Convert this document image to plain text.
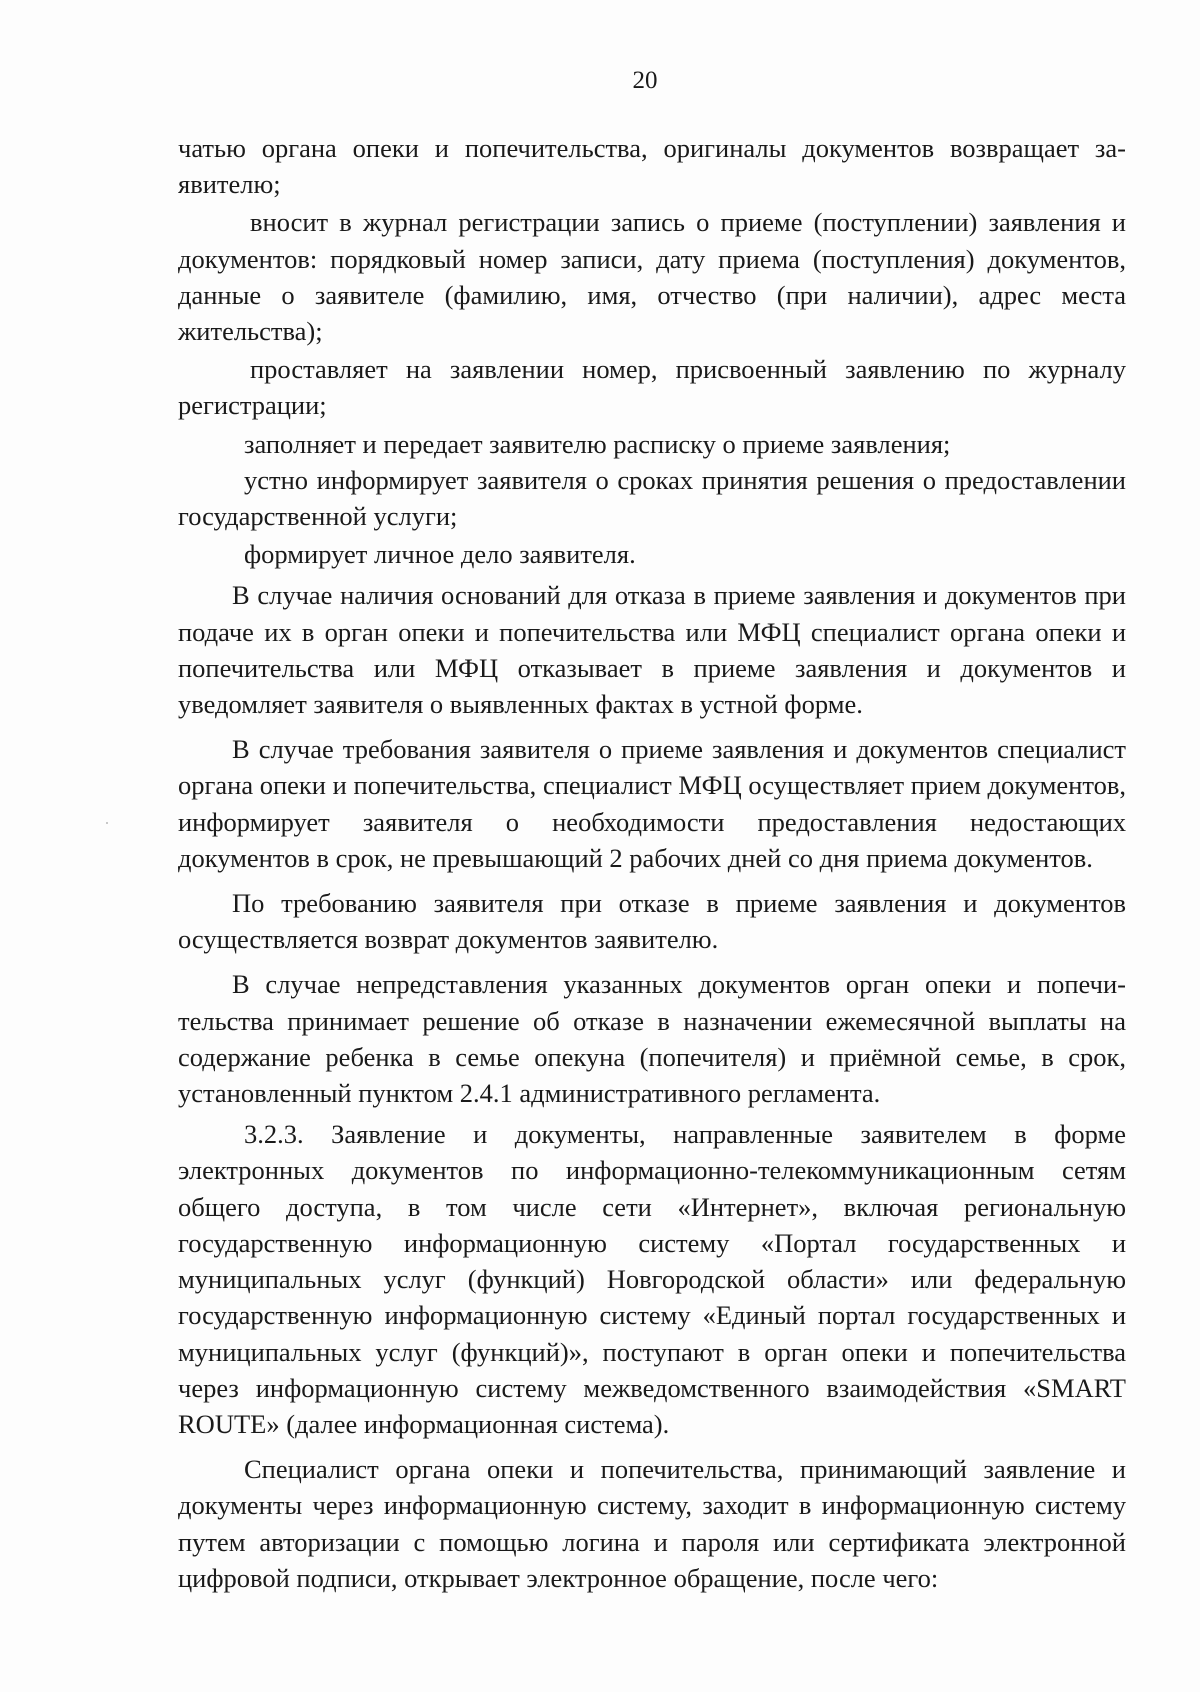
20

чатью органа опеки и попечительства, оригиналы документов возвращает заявителю;

вносит в журнал регистрации запись о приеме (поступлении) заявления и документов: порядковый номер записи, дату приема (поступления) документов, данные о заявителе (фамилию, имя, отчество (при наличии), адрес места жительства);

проставляет на заявлении номер, присвоенный заявлению по журналу регистрации;

заполняет и передает заявителю расписку о приеме заявления;

устно информирует заявителя о сроках принятия решения о предоставлении государственной услуги;

формирует личное дело заявителя.

В случае наличия оснований для отказа в приеме заявления и документов при подаче их в орган опеки и попечительства или МФЦ специалист органа опеки и попечительства или МФЦ отказывает в приеме заявления и документов и уведомляет заявителя о выявленных фактах в устной форме.

В случае требования заявителя о приеме заявления и документов специалист органа опеки и попечительства, специалист МФЦ осуществляет прием документов, информирует заявителя о необходимости предоставления недостающих документов в срок, не превышающий 2 рабочих дней со дня приема документов.

По требованию заявителя при отказе в приеме заявления и документов осуществляется возврат документов заявителю.

В случае непредставления указанных документов орган опеки и попечительства принимает решение об отказе в назначении ежемесячной выплаты на содержание ребенка в семье опекуна (попечителя) и приёмной семье, в срок, установленный пунктом 2.4.1 административного регламента.

3.2.3. Заявление и документы, направленные заявителем в форме электронных документов по информационно-телекоммуникационным сетям общего доступа, в том числе сети «Интернет», включая региональную государственную информационную систему «Портал государственных и муниципальных услуг (функций) Новгородской области» или федеральную государственную информационную систему «Единый портал государственных и муниципальных услуг (функций)», поступают в орган опеки и попечительства через информационную систему межведомственного взаимодействия «SMART ROUTE» (далее информационная система).

Специалист органа опеки и попечительства, принимающий заявление и документы через информационную систему, заходит в информационную систему путем авторизации с помощью логина и пароля или сертификата электронной цифровой подписи, открывает электронное обращение, после чего:
